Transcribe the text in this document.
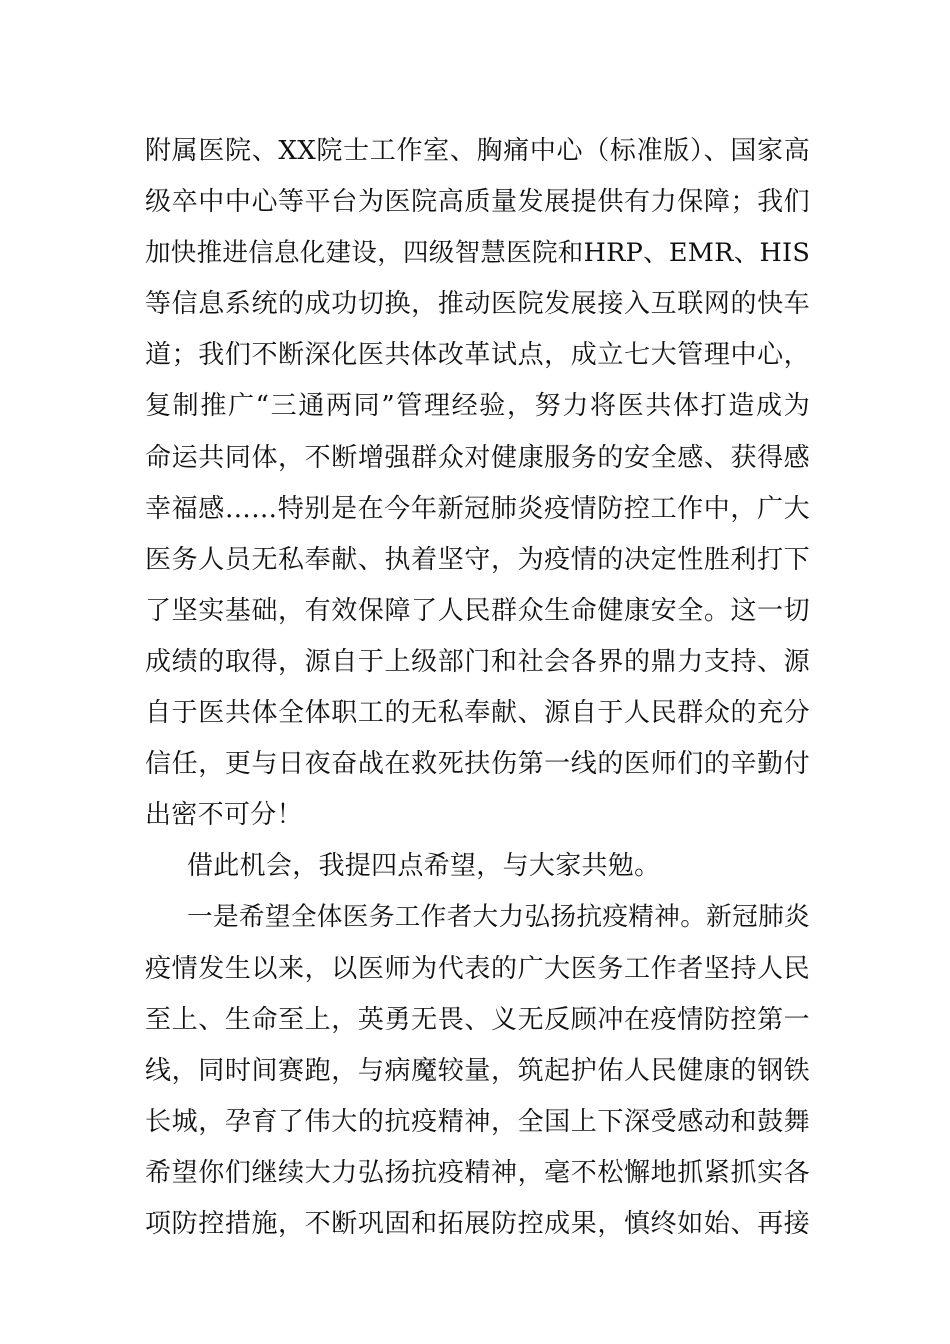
附属医院、XX院士工作室、胸痛中心（标准版）、国家高
级卒中中心等平台为医院高质量发展提供有力保障；我们
加快推进信息化建设，四级智慧医院和HRP、EMR、HIS
等信息系统的成功切换，推动医院发展接入互联网的快车
道；我们不断深化医共体改革试点，成立七大管理中心，
复制推广“三通两同”管理经验，努力将医共体打造成为
命运共同体，不断增强群众对健康服务的安全感、获得感
幸福感……特别是在今年新冠肺炎疫情防控工作中，广大
医务人员无私奉献、执着坚守，为疫情的决定性胜利打下
了坚实基础，有效保障了人民群众生命健康安全。这一切
成绩的取得，源自于上级部门和社会各界的鼎力支持、源
自于医共体全体职工的无私奉献、源自于人民群众的充分
信任，更与日夜奋战在救死扶伤第一线的医师们的辛勤付
出密不可分！
借此机会，我提四点希望，与大家共勉。
一是希望全体医务工作者大力弘扬抗疫精神。新冠肺炎
疫情发生以来，以医师为代表的广大医务工作者坚持人民
至上、生命至上，英勇无畏、义无反顾冲在疫情防控第一
线，同时间赛跑，与病魔较量，筑起护佑人民健康的钢铁
长城，孕育了伟大的抗疫精神，全国上下深受感动和鼓舞
希望你们继续大力弘扬抗疫精神，毫不松懈地抓紧抓实各
项防控措施，不断巩固和拓展防控成果，慎终如始、再接
